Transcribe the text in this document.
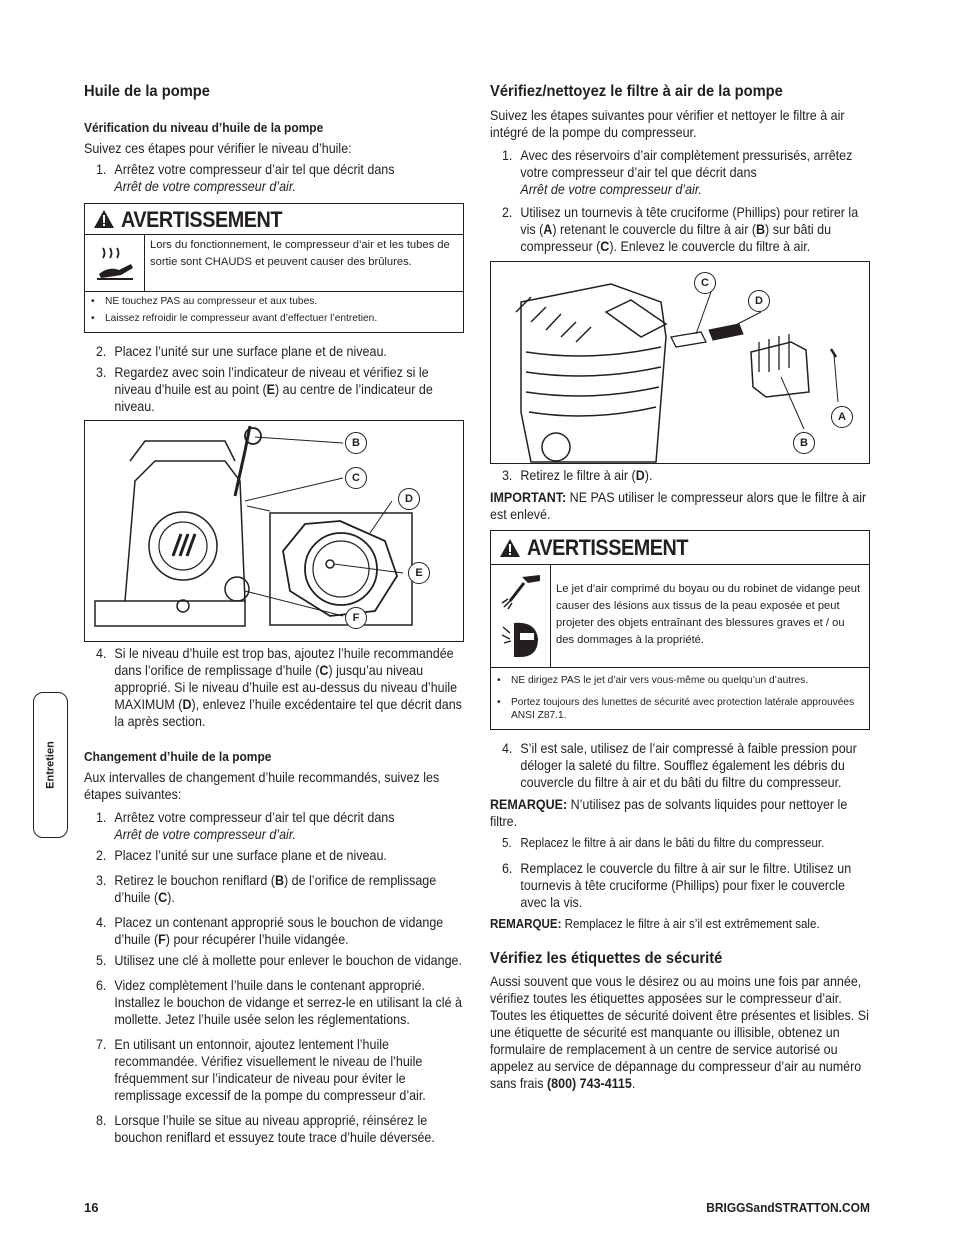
Huile de la pompe
Vérification du niveau d’huile de la pompe

Suivez ces étapes pour vérifier le niveau d’huile:

1. Arrêtez votre compresseur d’air tel que décrit dans
Arrêt de votre compresseur d’air.
AVERTISSEMENT
Lors du fonctionnement, le compresseur d’air et les tubes de sortie sont CHAUDS et peuvent causer des brûlures.
• NE touchez PAS au compresseur et aux tubes.
• Laissez refroidir le compresseur avant d’effectuer l’entretien.
2. Placez l’unité sur une surface plane et de niveau.
3. Regardez avec soin l’indicateur de niveau et vérifiez si le niveau d’huile est au point (E) au centre de l’indicateur de niveau.
B
C
D
E
F
4. Si le niveau d’huile est trop bas, ajoutez l’huile recommandée dans l’orifice de remplissage d’huile (C) jusqu’au niveau approprié. Si le niveau d’huile est au-dessus du niveau d’huile MAXIMUM (D), enlevez l’huile excédentaire tel que décrit dans la après section.
Changement d’huile de la pompe

Aux intervalles de changement d’huile recommandés, suivez les étapes suivantes:

1. Arrêtez votre compresseur d’air tel que décrit dans
Arrêt de votre compresseur d’air.
2. Placez l’unité sur une surface plane et de niveau.
3. Retirez le bouchon reniflard (B) de l’orifice de remplissage d’huile (C).
4. Placez un contenant approprié sous le bouchon de vidange d’huile (F) pour récupérer l’huile vidangée.
5. Utilisez une clé à mollette pour enlever le bouchon de vidange.
6. Videz complètement l’huile dans le contenant approprié. Installez le bouchon de vidange et serrez-le en utilisant la clé à mollette. Jetez l’huile usée selon les réglementations.
7. En utilisant un entonnoir, ajoutez lentement l’huile recommandée. Vérifiez visuellement le niveau de l’huile fréquemment sur l’indicateur de niveau pour éviter le remplissage excessif de la pompe du compresseur d’air.
8. Lorsque l’huile se situe au niveau approprié, réinsérez le bouchon reniflard et essuyez toute trace d’huile déversée.
Vérifiez/nettoyez le filtre à air de la pompe

Suivez les étapes suivantes pour vérifier et nettoyer le filtre à air intégré de la pompe du compresseur.

1. Avec des réservoirs d’air complètement pressurisés, arrêtez votre compresseur d’air tel que décrit dans
Arrêt de votre compresseur d’air.
2. Utilisez un tournevis à tête cruciforme (Phillips) pour retirer la vis (A) retenant le couvercle du filtre à air (B) sur bâti du compresseur (C). Enlevez le couvercle du filtre à air.
C
D
A
B
3. Retirez le filtre à air (D).

IMPORTANT: NE PAS utiliser le compresseur alors que le filtre à air est enlevé.

AVERTISSEMENT
Le jet d’air comprimé du boyau ou du robinet de vidange peut causer des lésions aux tissus de la peau exposée et peut projeter des objets entraînant des blessures graves et / ou des dommages à la propriété.
• NE dirigez PAS le jet d’air vers vous-même ou quelqu’un d’autres.
• Portez toujours des lunettes de sécurité avec protection latérale approuvées ANSI Z87.1.
4. S’il est sale, utilisez de l’air compressé à faible pression pour déloger la saleté du filtre. Soufflez également les débris du couvercle du filtre à air et du bâti du filtre du compresseur.

REMARQUE: N’utilisez pas de solvants liquides pour nettoyer le filtre.

5. Replacez le filtre à air dans le bâti du filtre du compresseur.
6. Remplacez le couvercle du filtre à air sur le filtre. Utilisez un tournevis à tête cruciforme (Phillips) pour fixer le couvercle avec la vis.

REMARQUE: Remplacez le filtre à air s’il est extrêmement sale.

Vérifiez les étiquettes de sécurité

Aussi souvent que vous le désirez ou au moins une fois par année, vérifiez toutes les étiquettes apposées sur le compresseur d’air. Toutes les étiquettes de sécurité doivent être présentes et lisibles. Si une étiquette de sécurité est manquante ou illisible, obtenez un formulaire de remplacement à un centre de service autorisé ou appelez au service de dépannage du compresseur d’air au numéro sans frais (800) 743-4115.

Entretien
16	BRIGGSandSTRATTON.COM
